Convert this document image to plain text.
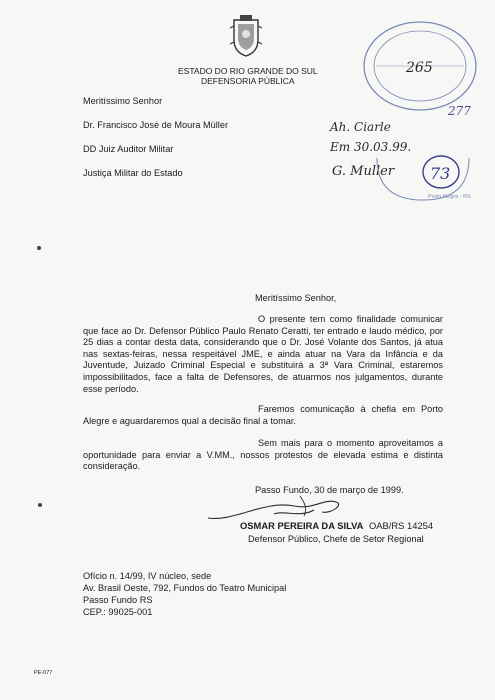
ESTADO DO RIO GRANDE DO SUL
DEFENSORIA PÚBLICA
Meritíssimo Senhor
Dr. Francisco José de Moura Müller
DD Juiz Auditor Militar
Justiça Militar do Estado
265
Ah. Ciarle
Em 30.03.99.
G. Muller
277
73
Porto Alegre - RS
Meritíssimo Senhor,
O presente tem como finalidade comunicar que face ao Dr. Defensor Público Paulo Renato Ceratti, ter entrado e laudo médico, por 25 dias a contar desta data, considerando que o Dr. José Volante dos Santos, já atua nas sextas-feiras, nessa respeitável JME, e ainda atuar na Vara da Infância e da Juventude, Juizado Criminal Especial e substituirá a 3ª Vara Criminal, estaremos impossibilitados, face a falta de Defensores, de atuarmos nos julgamentos, durante esse período.
Faremos comunicação à chefia em Porto Alegre e aguardaremos qual a decisão final a tomar.
Sem mais para o momento aproveitamos a oportunidade para enviar a V.MM., nossos protestos de elevada estima e distinta consideração.
Passo Fundo, 30 de março de 1999.
OSMAR PEREIRA DA SILVA OAB/RS 14254
Defensor Público, Chefe de Setor Regional
Ofício n. 14/99, IV núcleo, sede
Av. Brasil Oeste, 792, Fundos do Teatro Municipal
Passo Fundo RS
CEP.: 99025-001
PE-077
